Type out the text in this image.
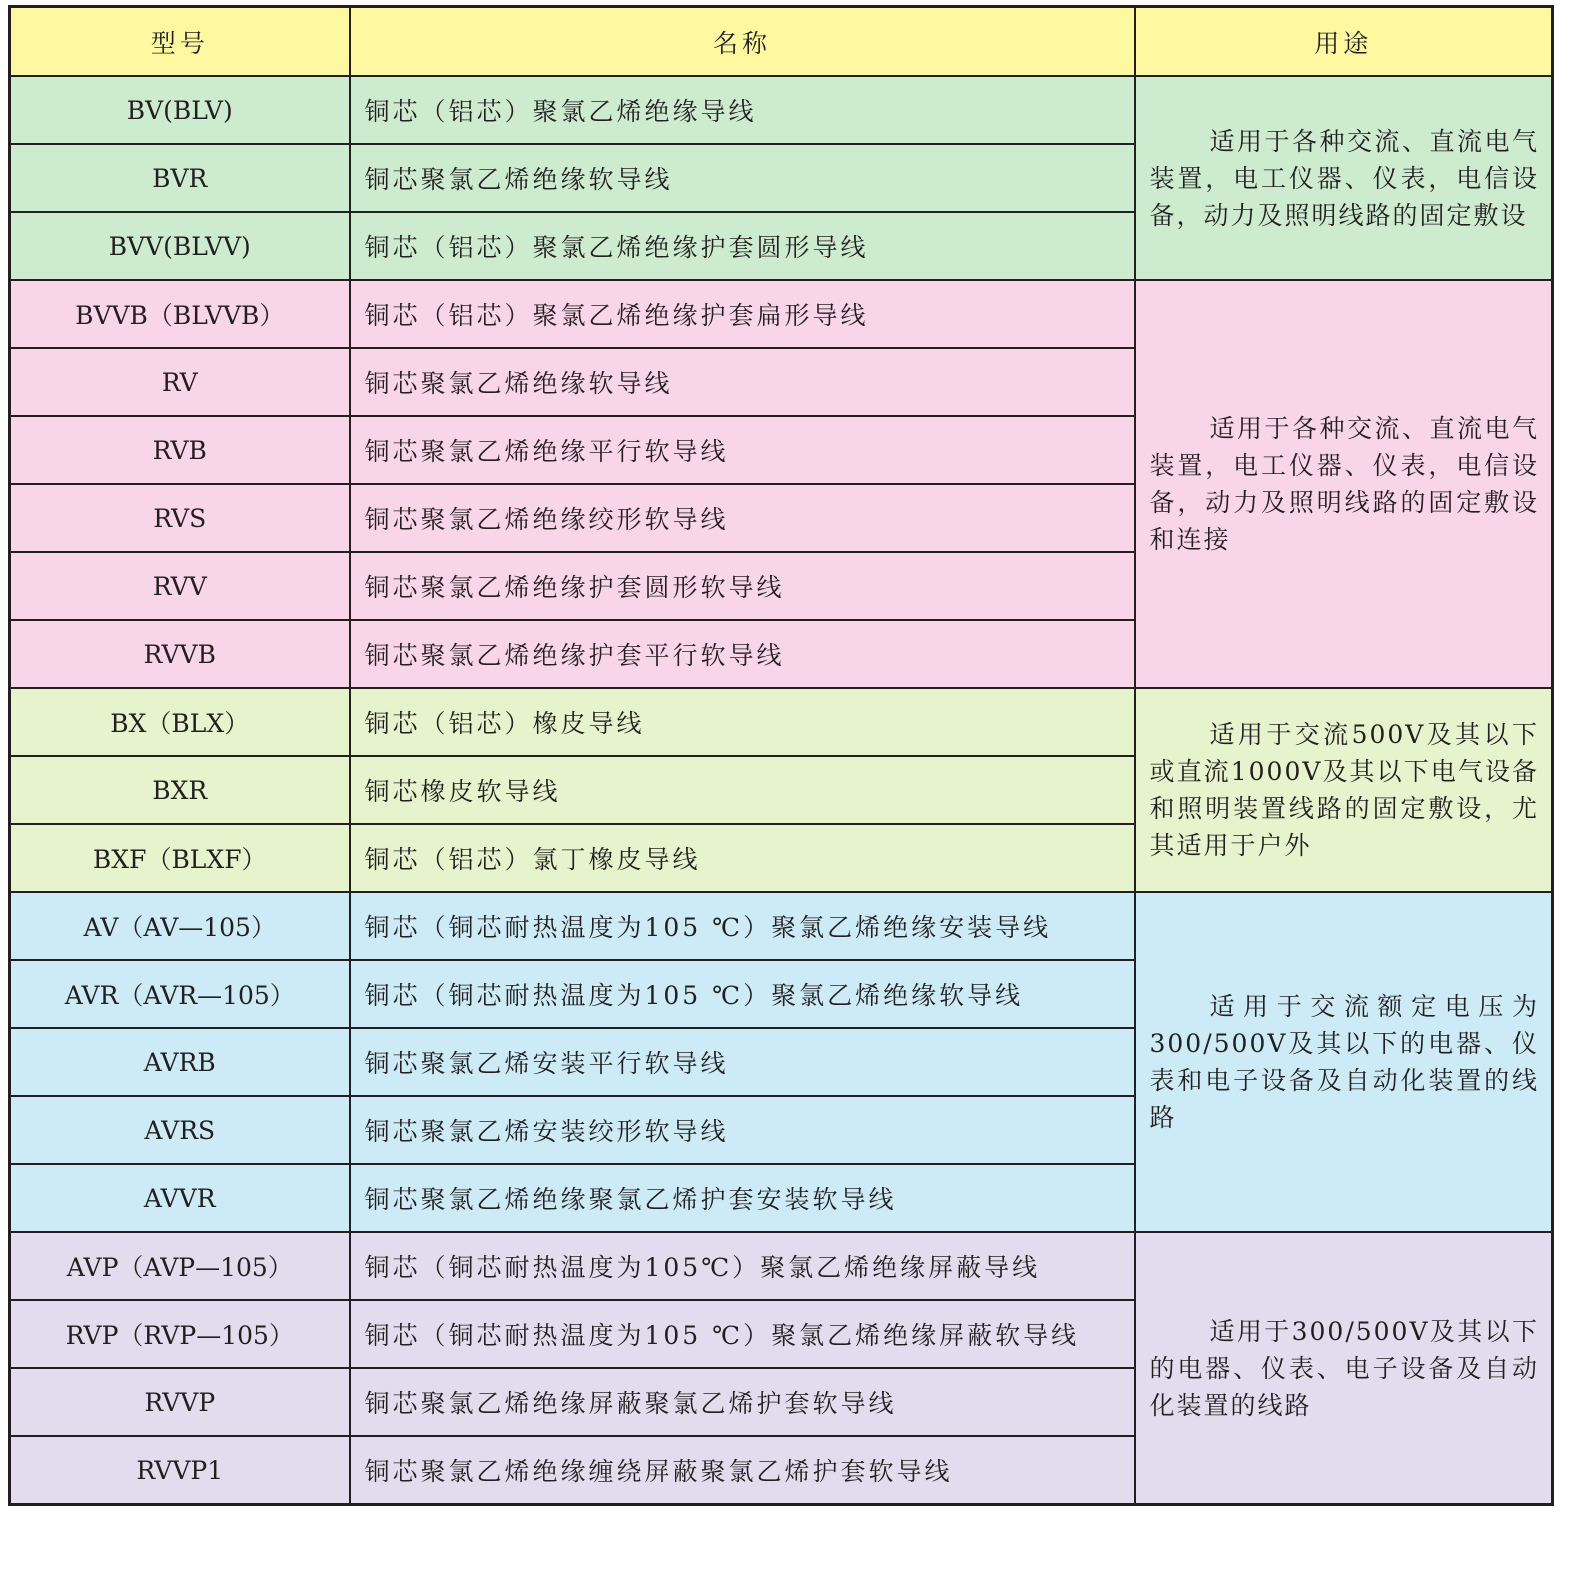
型号	名称	用途
BV(BLV)	铜芯（铝芯）聚氯乙烯绝缘导线	适用于各种交流、直流电气装置，电工仪器、仪表，电信设备，动力及照明线路的固定敷设
BVR	铜芯聚氯乙烯绝缘软导线	
BVV(BLVV)	铜芯（铝芯）聚氯乙烯绝缘护套圆形导线	
BVVB（BLVVB）	铜芯（铝芯）聚氯乙烯绝缘护套扁形导线	适用于各种交流、直流电气装置，电工仪器、仪表，电信设备，动力及照明线路的固定敷设和连接
RV	铜芯聚氯乙烯绝缘软导线	
RVB	铜芯聚氯乙烯绝缘平行软导线	
RVS	铜芯聚氯乙烯绝缘绞形软导线	
RVV	铜芯聚氯乙烯绝缘护套圆形软导线	
RVVB	铜芯聚氯乙烯绝缘护套平行软导线	
BX（BLX）	铜芯（铝芯）橡皮导线	适用于交流500V及其以下或直流1000V及其以下电气设备和照明装置线路的固定敷设，尤其适用于户外
BXR	铜芯橡皮软导线	
BXF（BLXF）	铜芯（铝芯）氯丁橡皮导线	
AV（AV—105）	铜芯（铜芯耐热温度为105 ℃）聚氯乙烯绝缘安装导线	适用于交流额定电压为300/500V及其以下的电器、仪表和电子设备及自动化装置的线路
AVR（AVR—105）	铜芯（铜芯耐热温度为105 ℃）聚氯乙烯绝缘软导线	
AVRB	铜芯聚氯乙烯安装平行软导线	
AVRS	铜芯聚氯乙烯安装绞形软导线	
AVVR	铜芯聚氯乙烯绝缘聚氯乙烯护套安装软导线	
AVP（AVP—105）	铜芯（铜芯耐热温度为105℃）聚氯乙烯绝缘屏蔽导线	适用于300/500V及其以下的电器、仪表、电子设备及自动化装置的线路
RVP（RVP—105）	铜芯（铜芯耐热温度为105 ℃）聚氯乙烯绝缘屏蔽软导线	
RVVP	铜芯聚氯乙烯绝缘屏蔽聚氯乙烯护套软导线	
RVVP1	铜芯聚氯乙烯绝缘缠绕屏蔽聚氯乙烯护套软导线	
